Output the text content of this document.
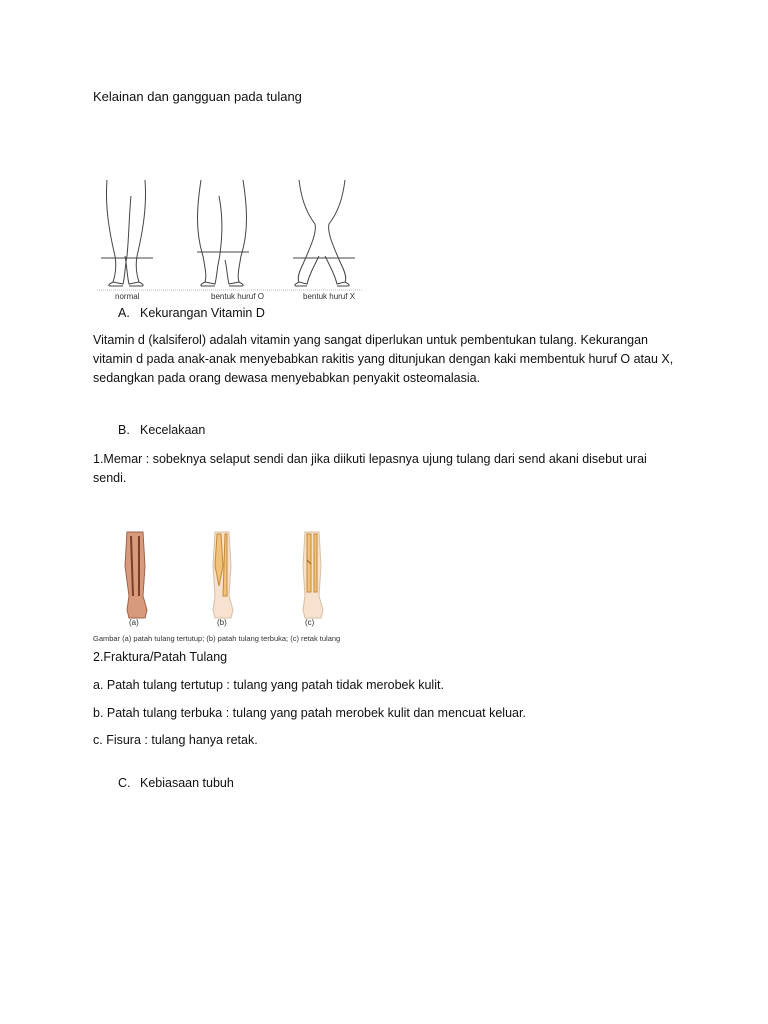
Kelainan dan gangguan pada tulang
normal	bentuk huruf O	bentuk huruf X
A. Kekurangan Vitamin D
Vitamin d (kalsiferol) adalah vitamin yang sangat diperlukan untuk pembentukan tulang. Kekurangan vitamin d pada anak-anak menyebabkan rakitis yang ditunjukan dengan kaki membentuk huruf O atau X, sedangkan pada orang dewasa menyebabkan penyakit osteomalasia.
B. Kecelakaan
1.Memar : sobeknya selaput sendi dan jika diikuti lepasnya ujung tulang dari send akani disebut urai sendi.
(a)	(b)	(c)
Gambar (a) patah tulang tertutup; (b) patah tulang terbuka; (c) retak tulang
2.Fraktura/Patah Tulang
a. Patah tulang tertutup : tulang yang patah tidak merobek kulit.
b. Patah tulang terbuka : tulang yang patah merobek kulit dan mencuat keluar.
c. Fisura : tulang hanya retak.
C. Kebiasaan tubuh
